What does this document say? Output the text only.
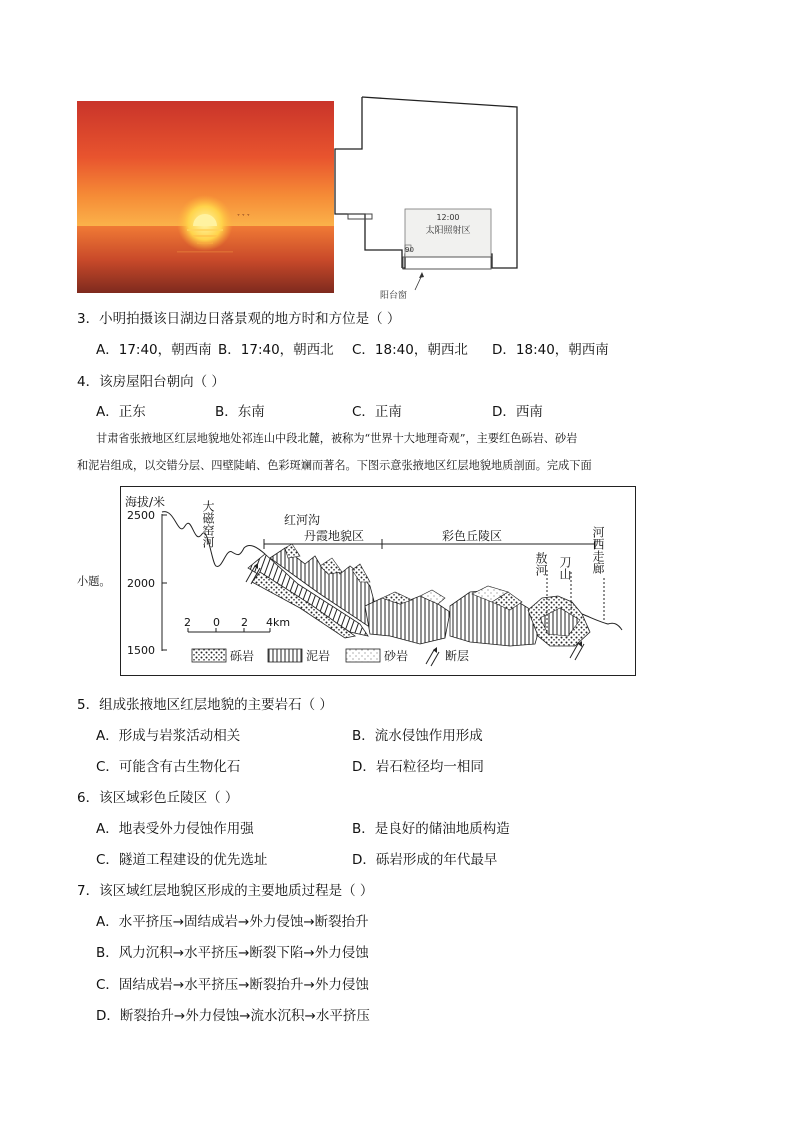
˅ ˅ ˅	12:00
太阳照射区
90
阳台窗
3．小明拍摄该日湖边日落景观的地方时和方位是（ ）
A．17:40，朝西南 B．17:40，朝西北 C．18:40，朝西北 D．18:40，朝西南
4．该房屋阳台朝向（ ）
A．正东	B．东南	C．正南	D．西南
甘肃省张掖地区红层地貌地处祁连山中段北麓，被称为“世界十大地理奇观”，主要红色砾岩、砂岩
和泥岩组成，以交错分层、四壁陡峭、色彩斑斓而著名。下图示意张掖地区红层地貌地质剖面。完成下面
小题。
海拔/米
2500
2000
1500
大磁窑河	红河沟
丹霞地貌区	彩色丘陵区
敖河 刀山 河西走廊
2 0 2 4km
砾岩	泥岩	砂岩	断层
5．组成张掖地区红层地貌的主要岩石（ ）
A．形成与岩浆活动相关	B．流水侵蚀作用形成
C．可能含有古生物化石	D．岩石粒径均一相同
6．该区域彩色丘陵区（ ）
A．地表受外力侵蚀作用强	B．是良好的储油地质构造
C．隧道工程建设的优先选址	D．砾岩形成的年代最早
7．该区域红层地貌区形成的主要地质过程是（ ）
A．水平挤压→固结成岩→外力侵蚀→断裂抬升
B．风力沉积→水平挤压→断裂下陷→外力侵蚀
C．固结成岩→水平挤压→断裂抬升→外力侵蚀
D．断裂抬升→外力侵蚀→流水沉积→水平挤压
